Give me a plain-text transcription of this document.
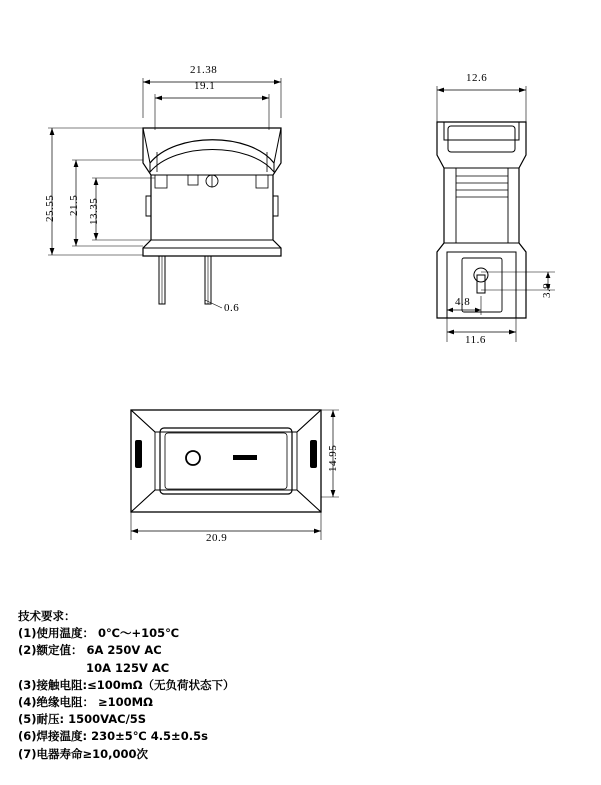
21.38
19.1
25.55 21.5 13.35
0.6
12.6
11.6
4.8
3.9
14.95
20.9
技术要求：
(1)使用温度： 0℃～+105℃
(2)额定值： 6A 250V AC
10A 125V AC
(3)接触电阻:≤100mΩ（无负荷状态下）
(4)绝缘电阻： ≥100MΩ
(5)耐压: 1500VAC/5S
(6)焊接温度: 230±5℃ 4.5±0.5s
(7)电器寿命≥10,000次
